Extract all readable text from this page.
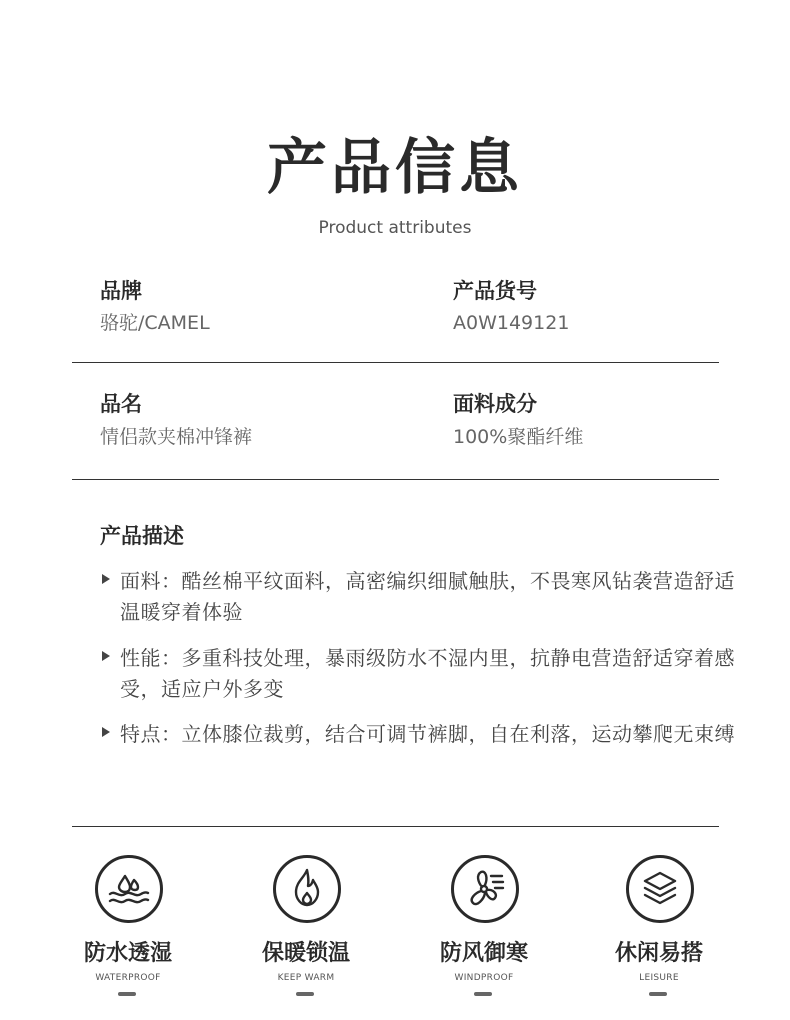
产品信息
Product attributes
品牌
骆驼/CAMEL
产品货号
A0W149121
品名
情侣款夹棉冲锋裤
面料成分
100%聚酯纤维
产品描述
面料：酷丝棉平纹面料，高密编织细腻触肤，不畏寒风钻袭营造舒适温暖穿着体验
性能：多重科技处理，暴雨级防水不湿内里，抗静电营造舒适穿着感受，适应户外多变
特点：立体膝位裁剪，结合可调节裤脚，自在利落，运动攀爬无束缚
防水透湿
WATERPROOF
保暖锁温
KEEP WARM
防风御寒
WINDPROOF
休闲易搭
LEISURE
